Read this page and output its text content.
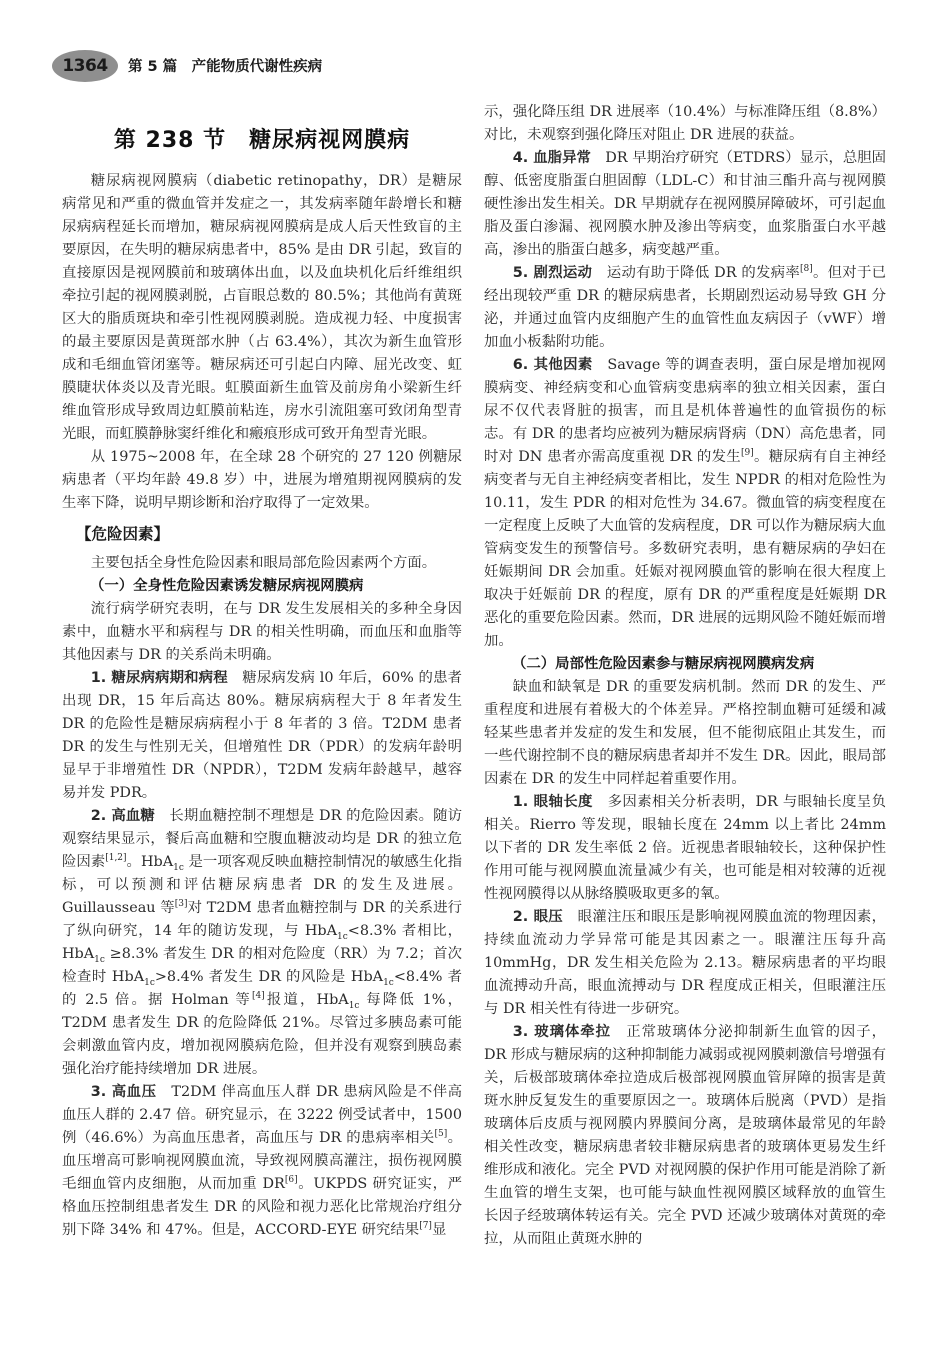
1364	第 5 篇　产能物质代谢性疾病
第 238 节　糖尿病视网膜病

糖尿病视网膜病（diabetic retinopathy，DR）是糖尿病常见和严重的微血管并发症之一，其发病率随年龄增长和糖尿病病程延长而增加，糖尿病视网膜病是成人后天性致盲的主要原因，在失明的糖尿病患者中，85% 是由 DR 引起，致盲的直接原因是视网膜前和玻璃体出血，以及血块机化后纤维组织牵拉引起的视网膜剥脱，占盲眼总数的 80.5%；其他尚有黄斑区大的脂质斑块和牵引性视网膜剥脱。造成视力轻、中度损害的最主要原因是黄斑部水肿（占 63.4%），其次为新生血管形成和毛细血管闭塞等。糖尿病还可引起白内障、屈光改变、虹膜睫状体炎以及青光眼。虹膜面新生血管及前房角小梁新生纤维血管形成导致周边虹膜前粘连，房水引流阻塞可致闭角型青光眼，而虹膜静脉窦纤维化和瘢痕形成可致开角型青光眼。

从 1975~2008 年，在全球 28 个研究的 27 120 例糖尿病患者（平均年龄 49.8 岁）中，进展为增殖期视网膜病的发生率下降，说明早期诊断和治疗取得了一定效果。

【危险因素】

主要包括全身性危险因素和眼局部危险因素两个方面。

（一）全身性危险因素诱发糖尿病视网膜病

流行病学研究表明，在与 DR 发生发展相关的多种全身因素中，血糖水平和病程与 DR 的相关性明确，而血压和血脂等其他因素与 DR 的关系尚未明确。

1. 糖尿病病期和病程　糖尿病发病 l0 年后，60% 的患者出现 DR，15 年后高达 80%。糖尿病病程大于 8 年者发生 DR 的危险性是糖尿病病程小于 8 年者的 3 倍。T2DM 患者 DR 的发生与性别无关，但增殖性 DR（PDR）的发病年龄明显早于非增殖性 DR（NPDR），T2DM 发病年龄越早，越容易并发 PDR。

2. 高血糖　长期血糖控制不理想是 DR 的危险因素。随访观察结果显示，餐后高血糖和空腹血糖波动均是 DR 的独立危险因素[1,2]。HbA$_{1c}$ 是一项客观反映血糖控制情况的敏感生化指标，可以预测和评估糖尿病患者 DR 的发生及进展。Guillausseau 等[3]对 T2DM 患者血糖控制与 DR 的关系进行了纵向研究，14 年的随访发现，与 HbA$_{1c}$<8.3% 者相比，HbA$_{1c}$ ≥8.3% 者发生 DR 的相对危险度（RR）为 7.2；首次检查时 HbA$_{1c}$>8.4% 者发生 DR 的风险是 HbA$_{1c}$<8.4% 者的 2.5 倍。据 Holman 等[4]报道，HbA$_{1c}$ 每降低 1%，T2DM 患者发生 DR 的危险降低 21%。尽管过多胰岛素可能会刺激血管内皮，增加视网膜病危险，但并没有观察到胰岛素强化治疗能持续增加 DR 进展。

3. 高血压　T2DM 伴高血压人群 DR 患病风险是不伴高血压人群的 2.47 倍。研究显示，在 3222 例受试者中，1500 例（46.6%）为高血压患者，高血压与 DR 的患病率相关[5]。血压增高可影响视网膜血流，导致视网膜高灌注，损伤视网膜毛细血管内皮细胞，从而加重 DR[6]。UKPDS 研究证实，严格血压控制组患者发生 DR 的风险和视力恶化比常规治疗组分别下降 34% 和 47%。但是，ACCORD-EYE 研究结果[7]显

示，强化降压组 DR 进展率（10.4%）与标准降压组（8.8%）对比，未观察到强化降压对阻止 DR 进展的获益。

4. 血脂异常　DR 早期治疗研究（ETDRS）显示，总胆固醇、低密度脂蛋白胆固醇（LDL-C）和甘油三酯升高与视网膜硬性渗出发生相关。DR 早期就存在视网膜屏障破坏，可引起血脂及蛋白渗漏、视网膜水肿及渗出等病变，血浆脂蛋白水平越高，渗出的脂蛋白越多，病变越严重。

5. 剧烈运动　运动有助于降低 DR 的发病率[8]。但对于已经出现较严重 DR 的糖尿病患者，长期剧烈运动易导致 GH 分泌，并通过血管内皮细胞产生的血管性血友病因子（vWF）增加血小板黏附功能。

6. 其他因素　Savage 等的调查表明，蛋白尿是增加视网膜病变、神经病变和心血管病变患病率的独立相关因素，蛋白尿不仅代表肾脏的损害，而且是机体普遍性的血管损伤的标志。有 DR 的患者均应被列为糖尿病肾病（DN）高危患者，同时对 DN 患者亦需高度重视 DR 的发生[9]。糖尿病有自主神经病变者与无自主神经病变者相比，发生 NPDR 的相对危险性为 10.11，发生 PDR 的相对危性为 34.67。微血管的病变程度在一定程度上反映了大血管的发病程度，DR 可以作为糖尿病大血管病变发生的预警信号。多数研究表明，患有糖尿病的孕妇在妊娠期间 DR 会加重。妊娠对视网膜血管的影响在很大程度上取决于妊娠前 DR 的程度，原有 DR 的严重程度是妊娠期 DR 恶化的重要危险因素。然而，DR 进展的远期风险不随妊娠而增加。

（二）局部性危险因素参与糖尿病视网膜病发病

缺血和缺氧是 DR 的重要发病机制。然而 DR 的发生、严重程度和进展有着极大的个体差异。严格控制血糖可延缓和减轻某些患者并发症的发生和发展，但不能彻底阻止其发生，而一些代谢控制不良的糖尿病患者却并不发生 DR。因此，眼局部因素在 DR 的发生中同样起着重要作用。

1. 眼轴长度　多因素相关分析表明，DR 与眼轴长度呈负相关。Rierro 等发现，眼轴长度在 24mm 以上者比 24mm 以下者的 DR 发生率低 2 倍。近视患者眼轴较长，这种保护性作用可能与视网膜血流量减少有关，也可能是相对较薄的近视性视网膜得以从脉络膜吸取更多的氧。

2. 眼压　眼灌注压和眼压是影响视网膜血流的物理因素，持续血流动力学异常可能是其因素之一。眼灌注压每升高 10mmHg，DR 发生相关危险为 2.13。糖尿病患者的平均眼血流搏动升高，眼血流搏动与 DR 程度成正相关，但眼灌注压与 DR 相关性有待进一步研究。

3. 玻璃体牵拉　正常玻璃体分泌抑制新生血管的因子，DR 形成与糖尿病的这种抑制能力减弱或视网膜刺激信号增强有关，后极部玻璃体牵拉造成后极部视网膜血管屏障的损害是黄斑水肿反复发生的重要原因之一。玻璃体后脱离（PVD）是指玻璃体后皮质与视网膜内界膜间分离，是玻璃体最常见的年龄相关性改变，糖尿病患者较非糖尿病患者的玻璃体更易发生纤维形成和液化。完全 PVD 对视网膜的保护作用可能是消除了新生血管的增生支架，也可能与缺血性视网膜区域释放的血管生长因子经玻璃体转运有关。完全 PVD 还减少玻璃体对黄斑的牵拉，从而阻止黄斑水肿的
